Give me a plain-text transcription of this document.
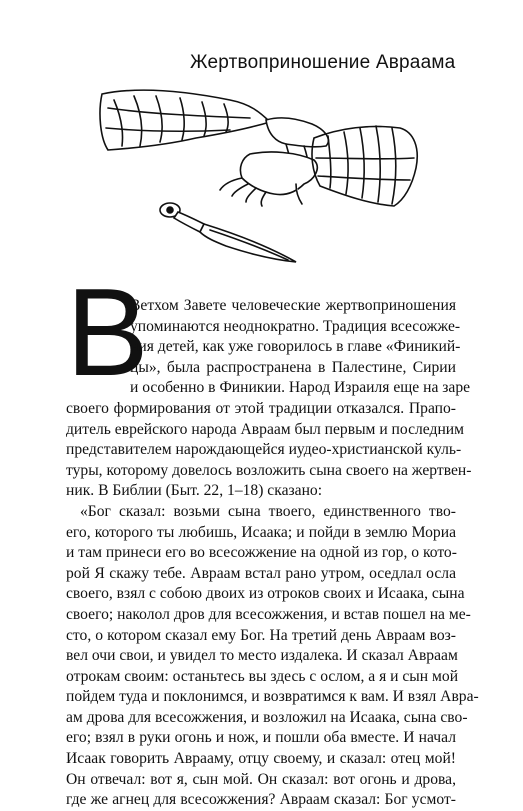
Жертвоприношение Авраама
В
Ветхом Завете человеческие жертвоприношения
упоминаются неоднократно. Традиция всесожже-
ния детей, как уже говорилось в главе «Финикий-
цы», была распространена в Палестине, Сирии
и особенно в Финикии. Народ Израиля еще на заре
своего формирования от этой традиции отказался. Прапо-
дитель еврейского народа Авраам был первым и последним
представителем нарождающейся иудео-христианской куль-
туры, которому довелось возложить сына своего на жертвен-
ник. В Библии (Быт. 22, 1–18) сказано:
«Бог сказал: возьми сына твоего, единственного тво-
его, которого ты любишь, Исаака; и пойди в землю Мориа
и там принеси его во всесожжение на одной из гор, о кото-
рой Я скажу тебе. Авраам встал рано утром, оседлал осла
своего, взял с собою двоих из отроков своих и Исаака, сына
своего; наколол дров для всесожжения, и встав пошел на ме-
сто, о котором сказал ему Бог. На третий день Авраам воз-
вел очи свои, и увидел то место издалека. И сказал Авраам
отрокам своим: останьтесь вы здесь с ослом, а я и сын мой
пойдем туда и поклонимся, и возвратимся к вам. И взял Авра-
ам дрова для всесожжения, и возложил на Исаака, сына сво-
его; взял в руки огонь и нож, и пошли оба вместе. И начал
Исаак говорить Аврааму, отцу своему, и сказал: отец мой!
Он отвечал: вот я, сын мой. Он сказал: вот огонь и дрова,
где же агнец для всесожжения? Авраам сказал: Бог усмот-
